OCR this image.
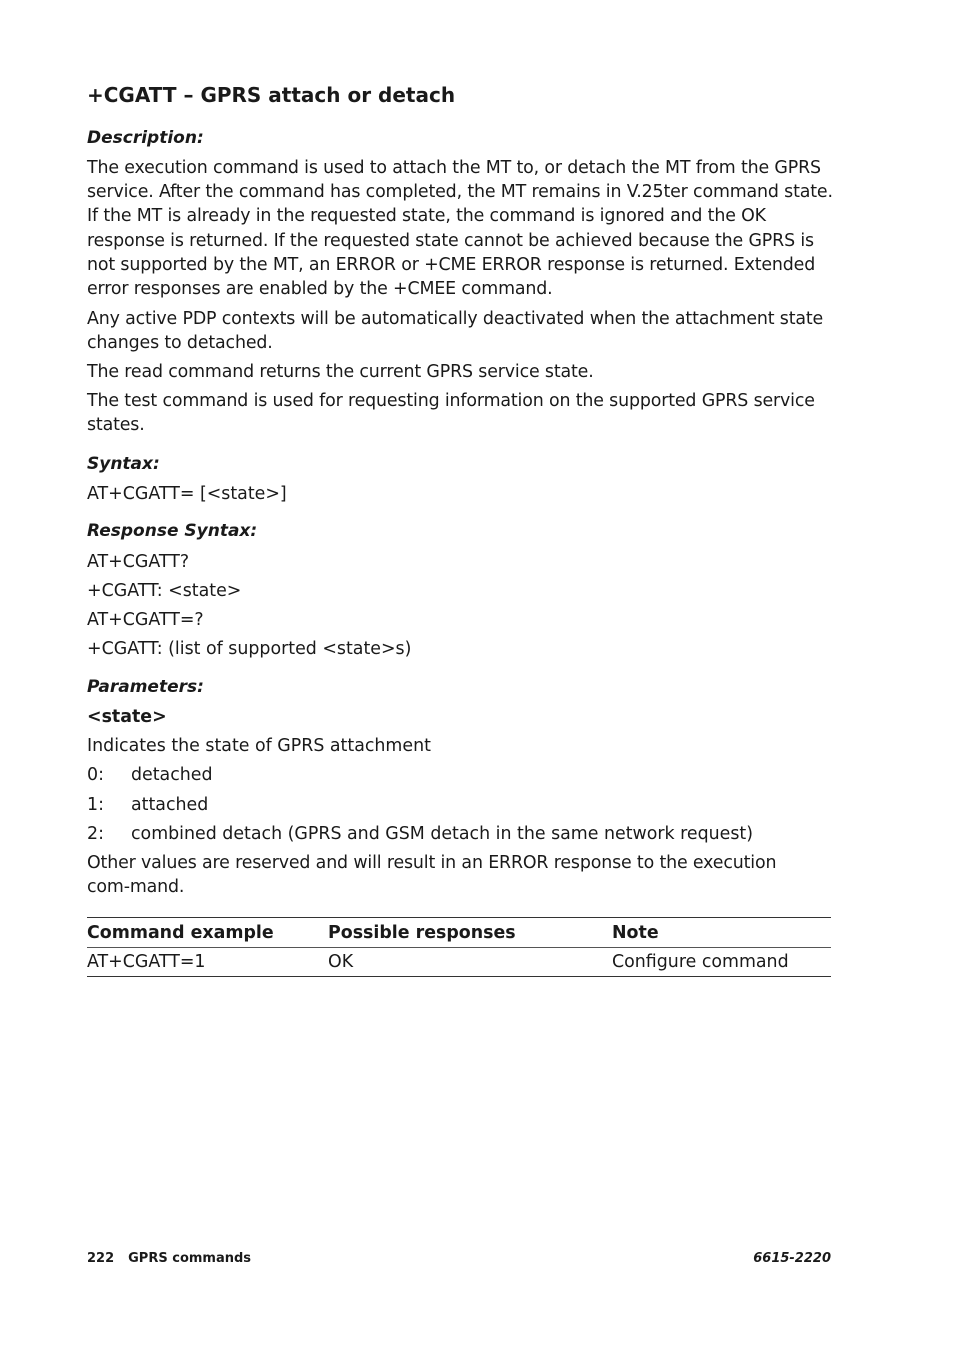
+CGATT – GPRS attach or detach

Description:

The execution command is used to attach the MT to, or detach the MT from the GPRS service. After the command has completed, the MT remains in V.25ter command state. If the MT is already in the requested state, the command is ignored and the OK response is returned. If the requested state cannot be achieved because the GPRS is not supported by the MT, an ERROR or +CME ERROR response is returned. Extended error responses are enabled by the +CMEE command.

Any active PDP contexts will be automatically deactivated when the attachment state changes to detached.

The read command returns the current GPRS service state.

The test command is used for requesting information on the supported GPRS service states.

Syntax:

AT+CGATT= [<state>]

Response Syntax:

AT+CGATT?

+CGATT: <state>

AT+CGATT=?

+CGATT: (list of supported <state>s)

Parameters:

<state>

Indicates the state of GPRS attachment

0: detached
1: attached
2: combined detach (GPRS and GSM detach in the same network request)

Other values are reserved and will result in an ERROR response to the execution com-mand.

Command example	Possible responses	Note
AT+CGATT=1	OK	Configure command
222 GPRS commands	6615-2220
